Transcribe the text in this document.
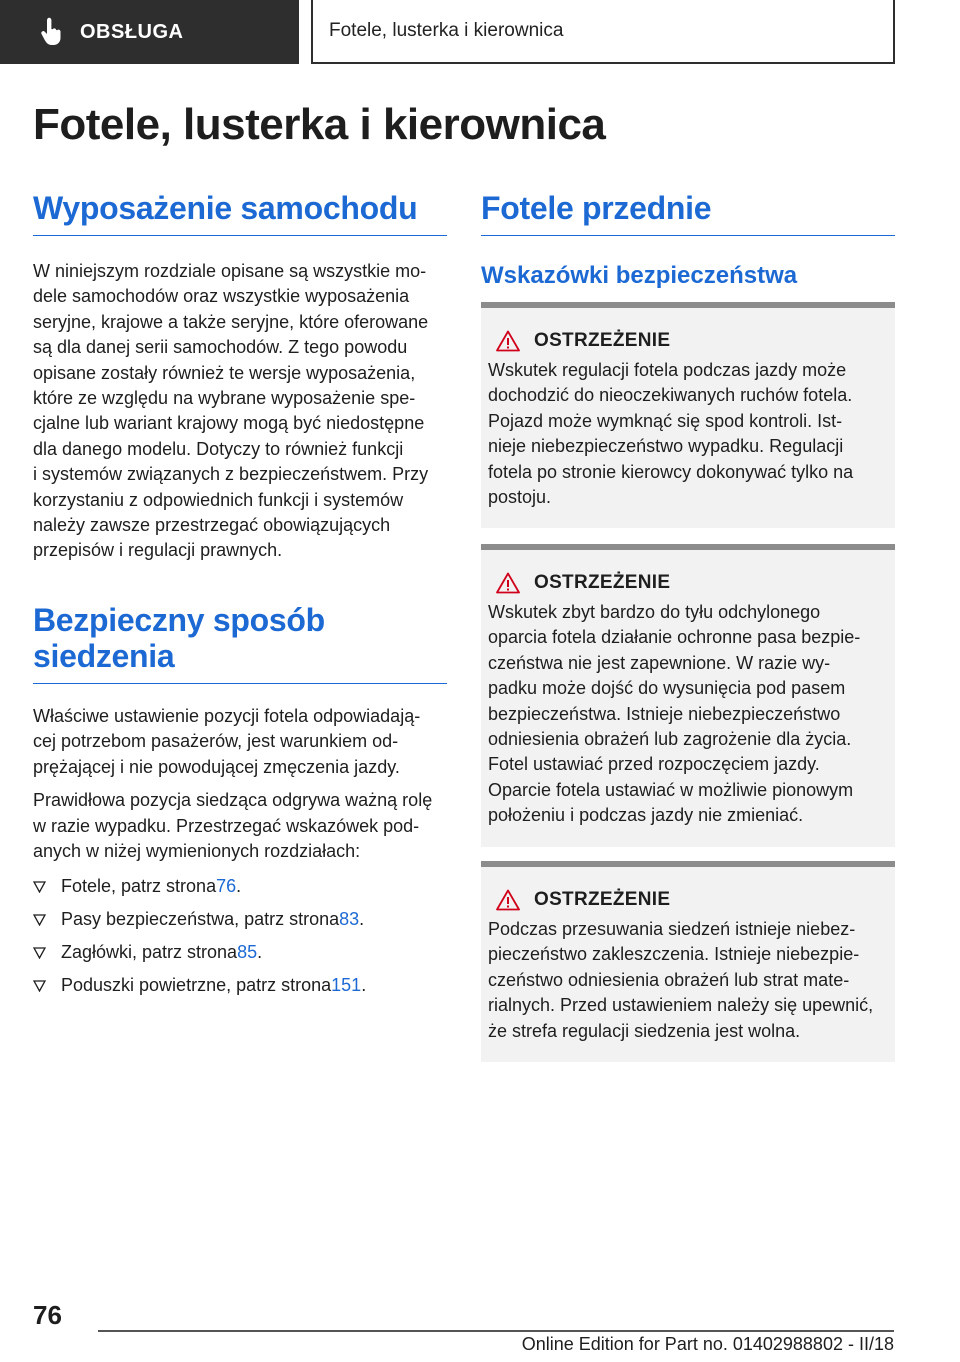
OBSŁUGA	Fotele, lusterka i kierownica
Fotele, lusterka i kierownica
Wyposażenie samochodu

W niniejszym rozdziale opisane są wszystkie mo‐
dele samochodów oraz wszystkie wyposażenia
seryjne, krajowe a także seryjne, które oferowane
są dla danej serii samochodów. Z tego powodu
opisane zostały również te wersje wyposażenia,
które ze względu na wybrane wyposażenie spe‐
cjalne lub wariant krajowy mogą być niedostępne
dla danego modelu. Dotyczy to również funkcji
i systemów związanych z bezpieczeństwem. Przy
korzystaniu z odpowiednich funkcji i systemów
należy zawsze przestrzegać obowiązujących
przepisów i regulacji prawnych.

Bezpieczny sposób
siedzenia

Właściwe ustawienie pozycji fotela odpowiadają‐
cej potrzebom pasażerów, jest warunkiem od‐
prężającej i nie powodującej zmęczenia jazdy.

Prawidłowa pozycja siedząca odgrywa ważną rolę
w razie wypadku. Przestrzegać wskazówek pod‐
anych w niżej wymienionych rozdziałach:

Fotele, patrz strona 76 .
Pasy bezpieczeństwa, patrz strona 83 .
Zagłówki, patrz strona 85 .
Poduszki powietrzne, patrz strona 151 .
Fotele przednie
Wskazówki bezpieczeństwa
OSTRZEŻENIE

Wskutek regulacji fotela podczas jazdy może
dochodzić do nieoczekiwanych ruchów fotela.
Pojazd może wymknąć się spod kontroli. Ist‐
nieje niebezpieczeństwo wypadku. Regulacji
fotela po stronie kierowcy dokonywać tylko na
postoju.

OSTRZEŻENIE

Wskutek zbyt bardzo do tyłu odchylonego
oparcia fotela działanie ochronne pasa bezpie‐
czeństwa nie jest zapewnione. W razie wy‐
padku może dojść do wysunięcia pod pasem
bezpieczeństwa. Istnieje niebezpieczeństwo
odniesienia obrażeń lub zagrożenie dla życia.
Fotel ustawiać przed rozpoczęciem jazdy.
Oparcie fotela ustawiać w możliwie pionowym
położeniu i podczas jazdy nie zmieniać.

OSTRZEŻENIE

Podczas przesuwania siedzeń istnieje niebez‐
pieczeństwo zakleszczenia. Istnieje niebezpie‐
czeństwo odniesienia obrażeń lub strat mate‐
rialnych. Przed ustawieniem należy się upewnić,
że strefa regulacji siedzenia jest wolna.

76
Online Edition for Part no. 01402988802 - II/18
